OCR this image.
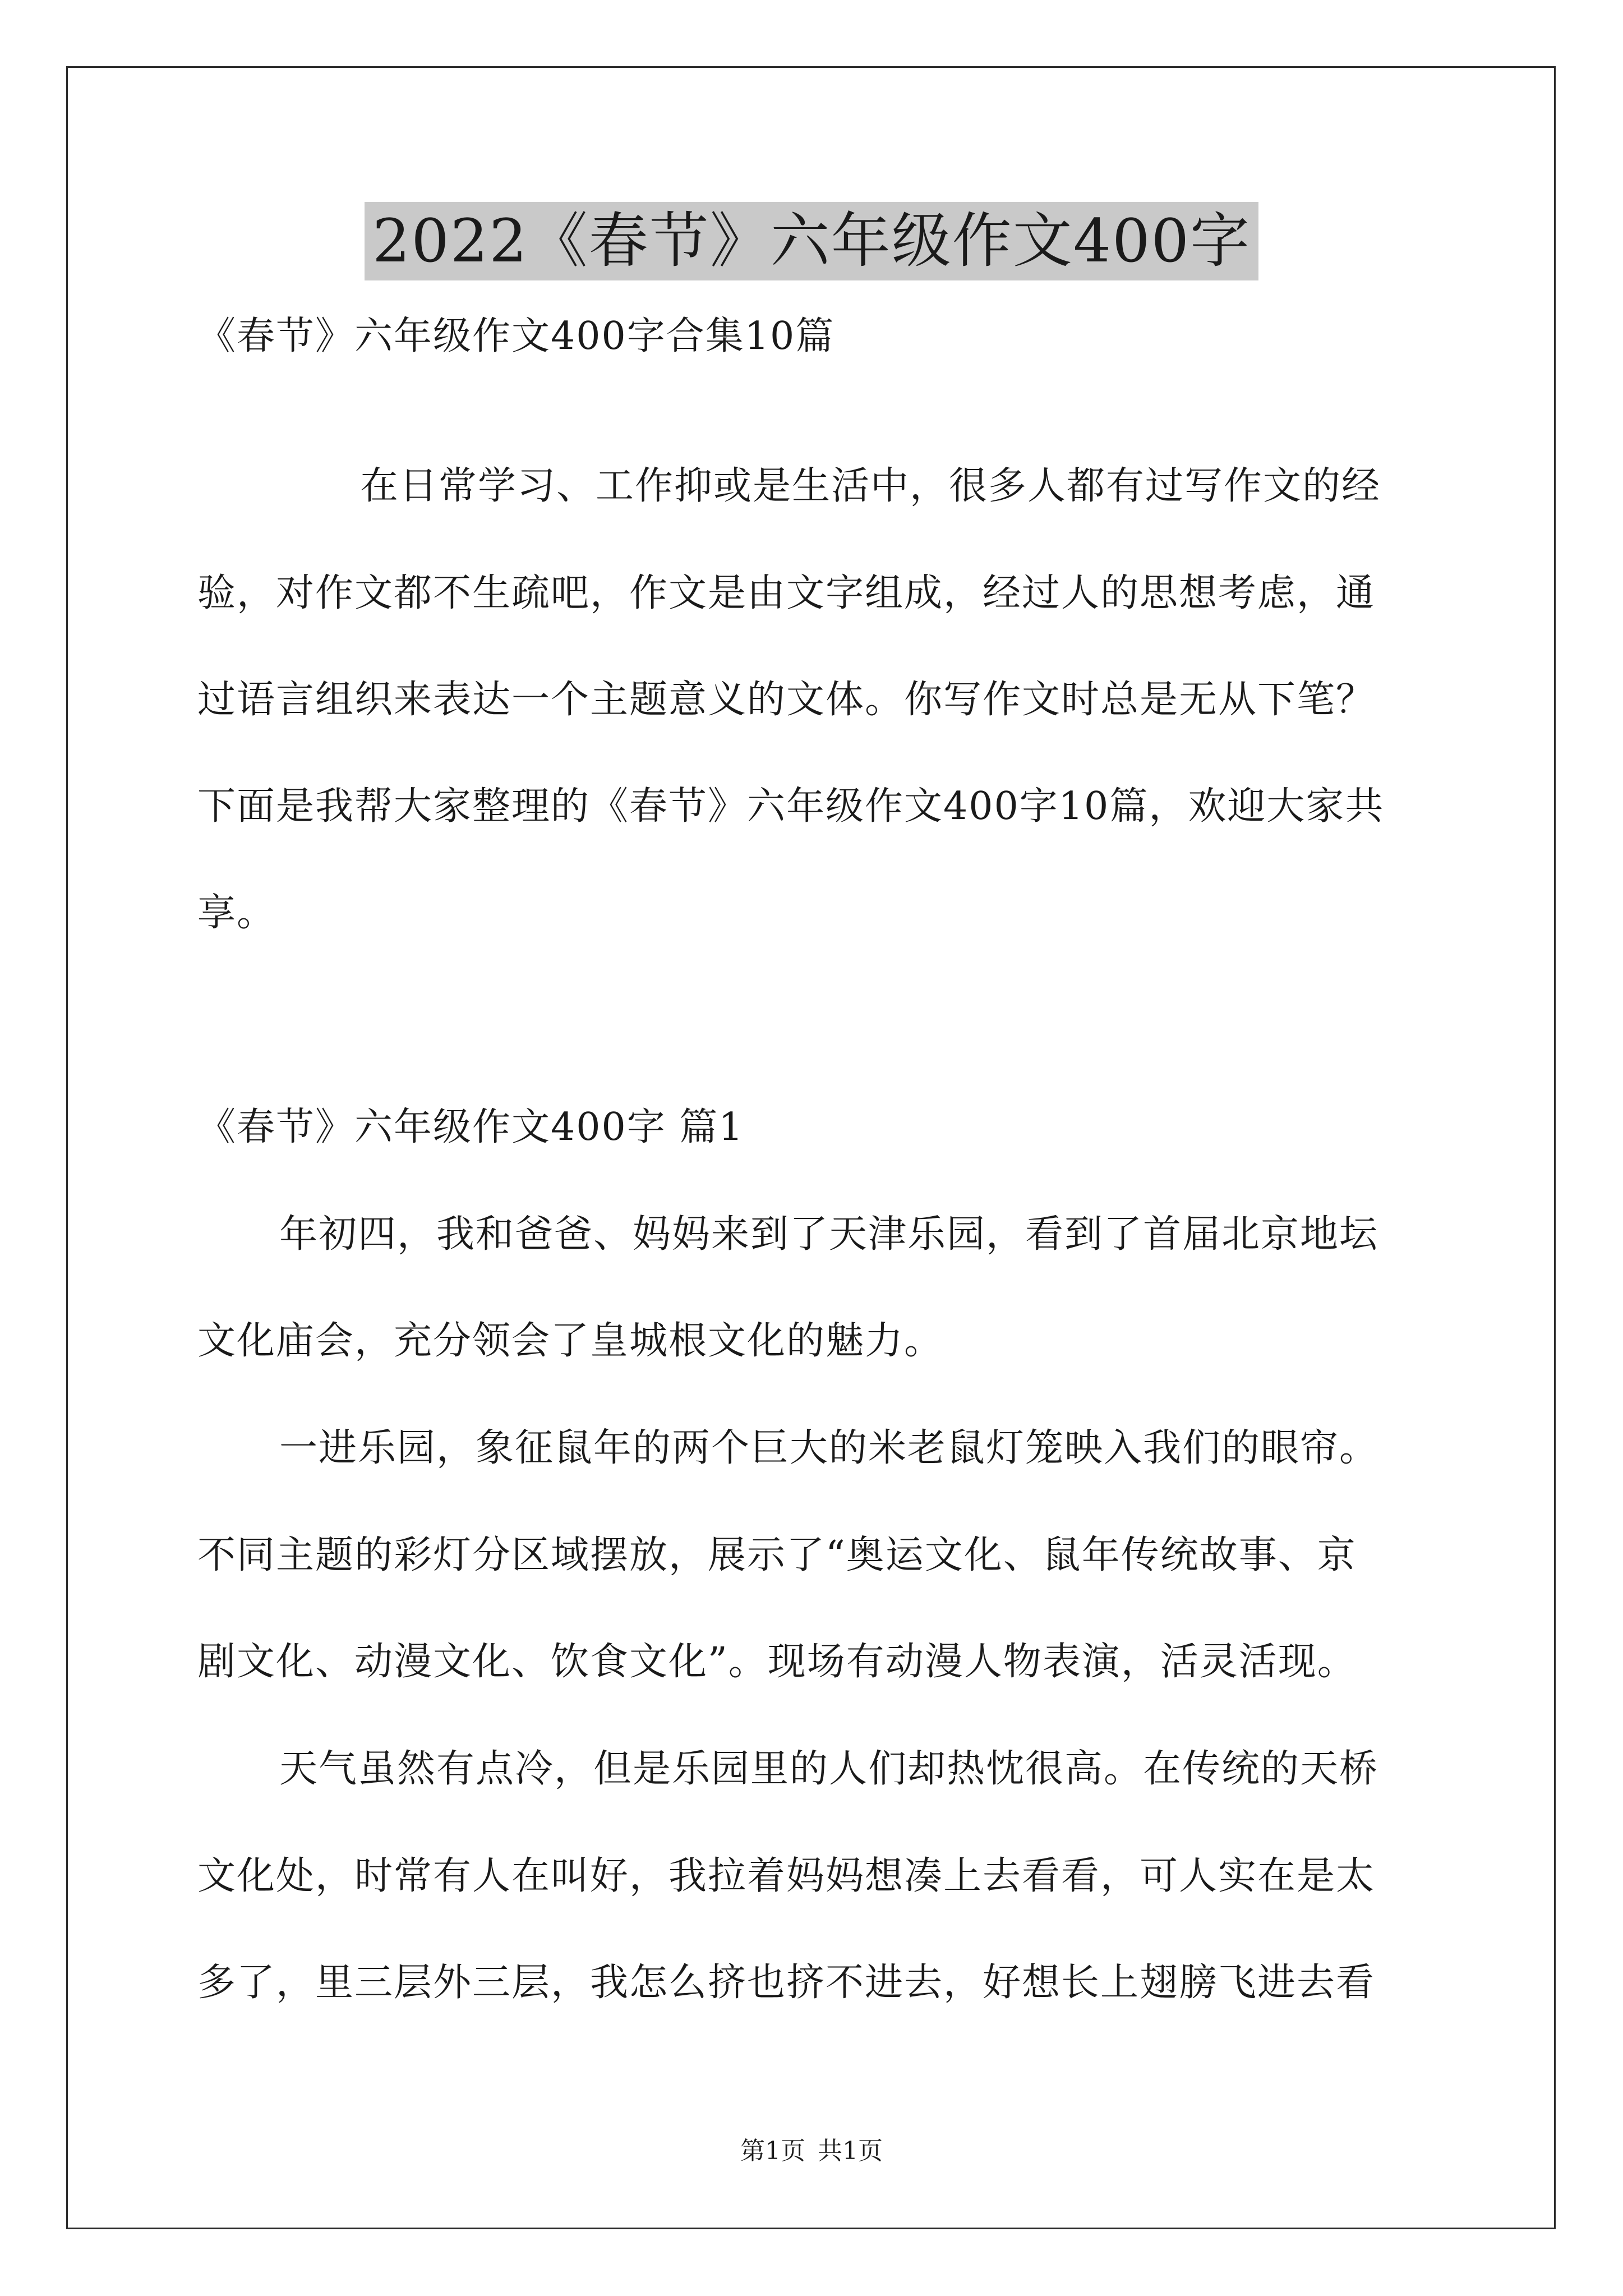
2022《春节》六年级作文400字
《春节》六年级作文400字合集10篇
在日常学习、工作抑或是生活中，很多人都有过写作文的经
验，对作文都不生疏吧，作文是由文字组成，经过人的思想考虑，通
过语言组织来表达一个主题意义的文体。你写作文时总是无从下笔？
下面是我帮大家整理的《春节》六年级作文400字10篇，欢迎大家共
享。
《春节》六年级作文400字 篇1
年初四，我和爸爸、妈妈来到了天津乐园，看到了首届北京地坛
文化庙会，充分领会了皇城根文化的魅力。
一进乐园，象征鼠年的两个巨大的米老鼠灯笼映入我们的眼帘。
不同主题的彩灯分区域摆放，展示了“奥运文化、鼠年传统故事、京
剧文化、动漫文化、饮食文化”。现场有动漫人物表演，活灵活现。
天气虽然有点冷，但是乐园里的人们却热忱很高。在传统的天桥
文化处，时常有人在叫好，我拉着妈妈想凑上去看看，可人实在是太
多了，里三层外三层，我怎么挤也挤不进去，好想长上翅膀飞进去看
第1页 共1页
